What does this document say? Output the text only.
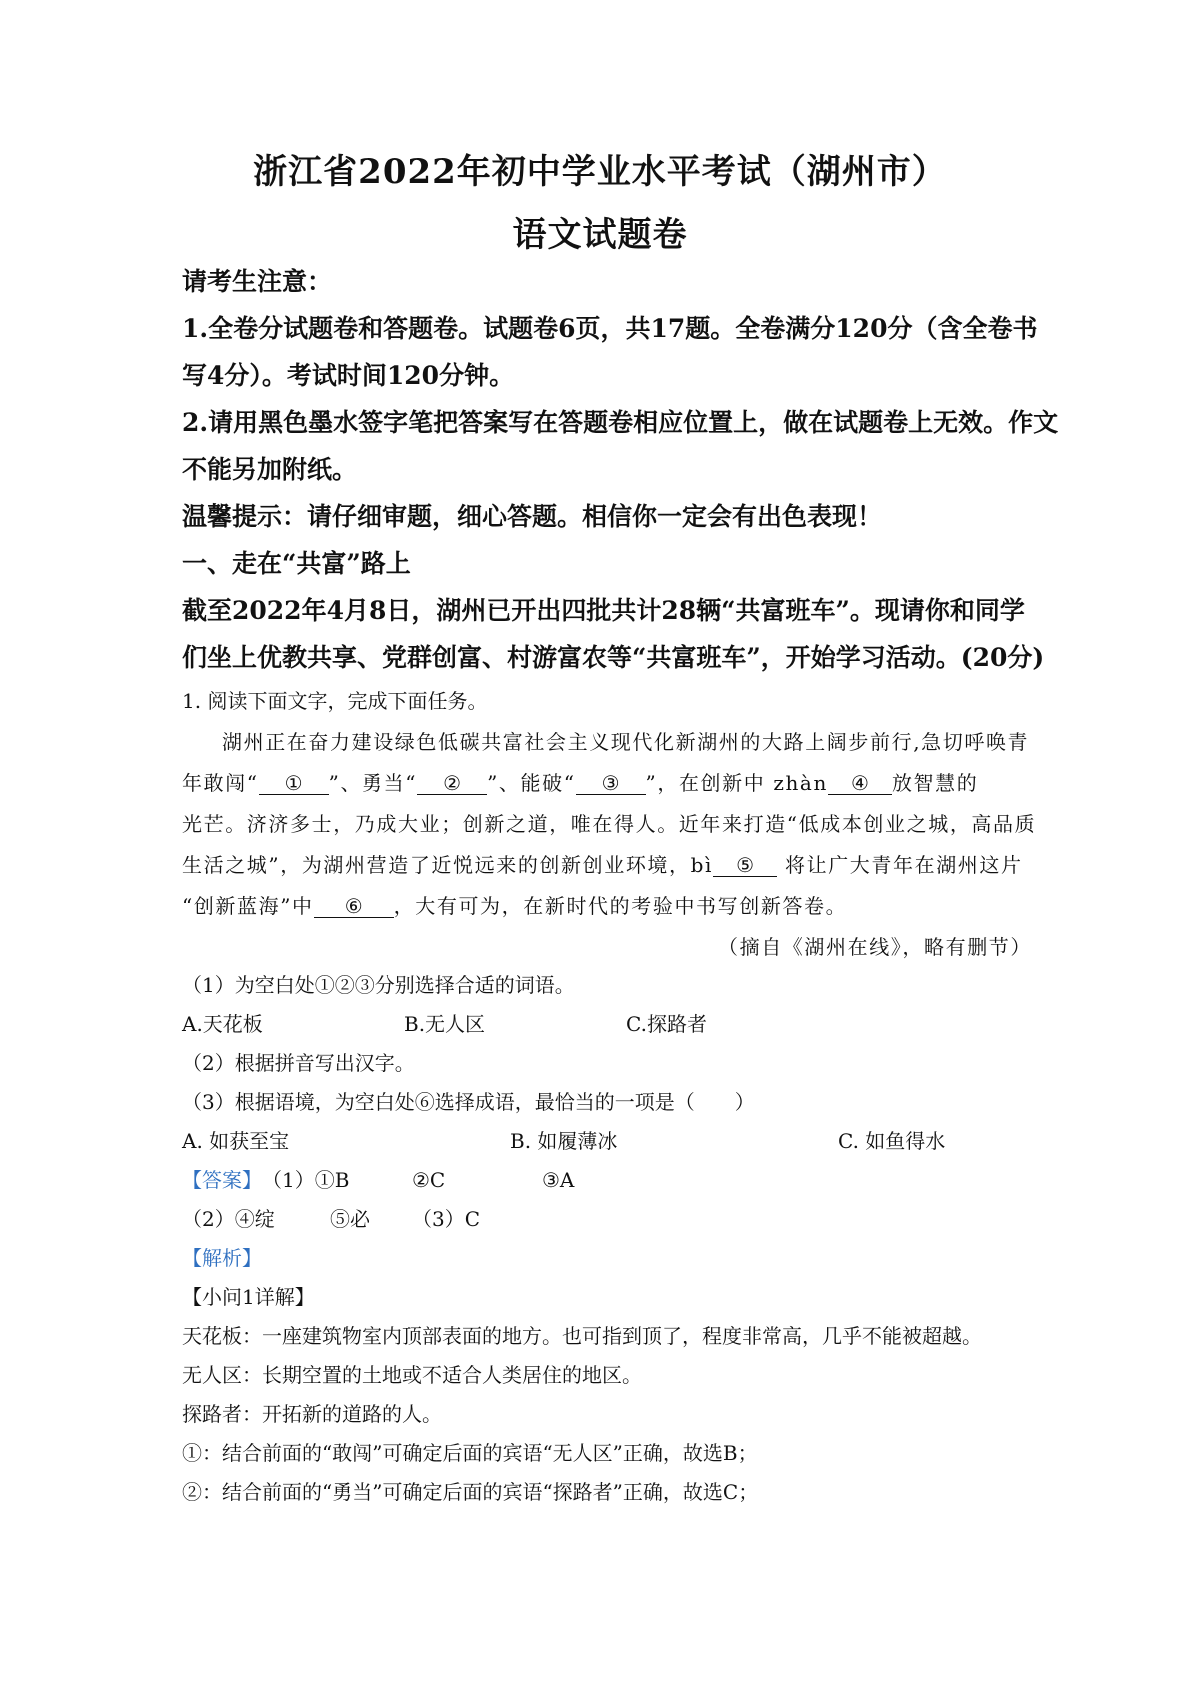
浙江省2022年初中学业水平考试（湖州市）
语文试题卷
请考生注意：
1.全卷分试题卷和答题卷。试题卷6页，共17题。全卷满分120分（含全卷书
写4分）。考试时间120分钟。
2.请用黑色墨水签字笔把答案写在答题卷相应位置上，做在试题卷上无效。作文
不能另加附纸。
温馨提示：请仔细审题，细心答题。相信你一定会有出色表现！
一、走在“共富”路上
截至2022年4月8日，湖州已开出四批共计28辆“共富班车”。现请你和同学
们坐上优教共享、党群创富、村游富农等“共富班车”，开始学习活动。(20分)
1. 阅读下面文字，完成下面任务。
湖州正在奋力建设绿色低碳共富社会主义现代化新湖州的大路上阔步前行,急切呼唤青
年敢闯“ ① ”、勇当“ ② ”、能破“ ③ ”，在创新中 zhàn ④ 放智慧的
光芒。济济多士，乃成大业；创新之道，唯在得人。近年来打造“低成本创业之城，高品质
生活之城”，为湖州营造了近悦远来的创新创业环境，bì ⑤ 将让广大青年在湖州这片
“创新蓝海”中 ⑥ ，大有可为，在新时代的考验中书写创新答卷。
（摘自《湖州在线》，略有删节）
（1）为空白处①②③分别选择合适的词语。
A.天花板	B.无人区	C.探路者
（2）根据拼音写出汉字。
（3）根据语境，为空白处⑥选择成语，最恰当的一项是（　　）
A. 如获至宝	B. 如履薄冰	C. 如鱼得水
【答案】（1）①B	②C	③A
（2）④绽	⑤必 （3）C
【解析】
【小问1详解】
天花板：一座建筑物室内顶部表面的地方。也可指到顶了，程度非常高，几乎不能被超越。
无人区：长期空置的土地或不适合人类居住的地区。
探路者：开拓新的道路的人。
①：结合前面的“敢闯”可确定后面的宾语“无人区”正确，故选B；
②：结合前面的“勇当”可确定后面的宾语“探路者”正确，故选C；
